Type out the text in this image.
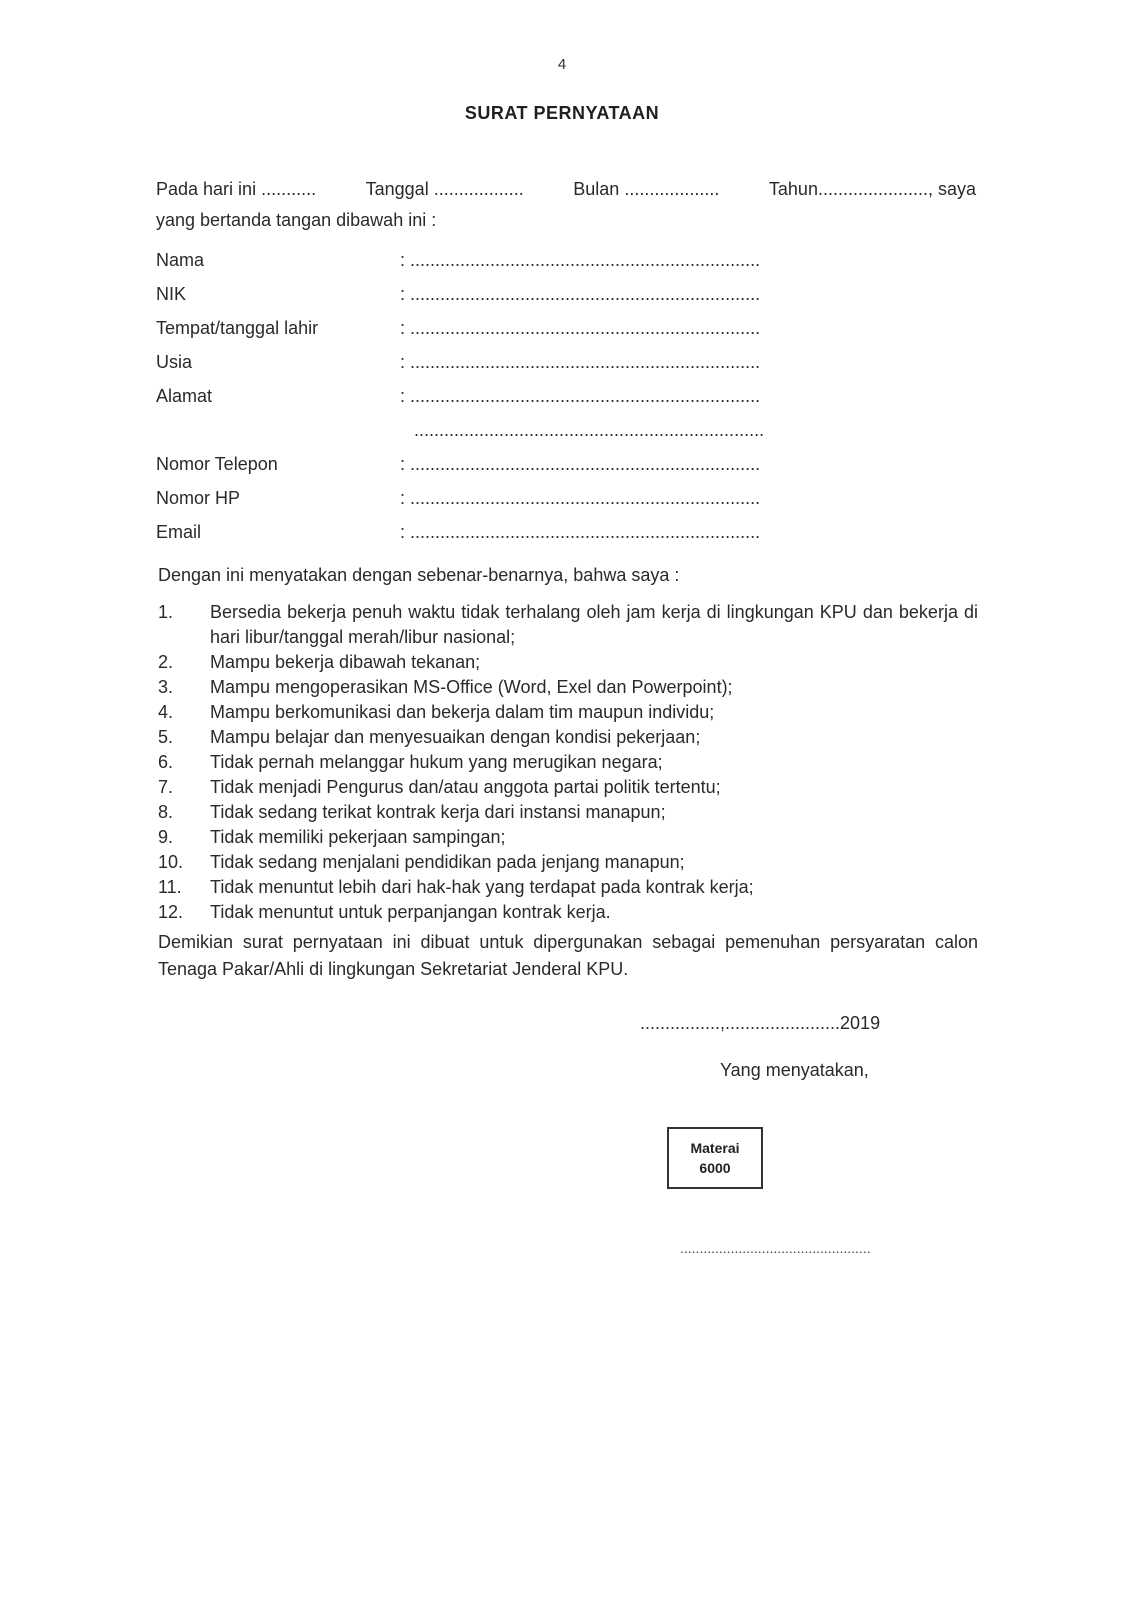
4
SURAT PERNYATAAN
Pada hari ini ...........	Tanggal ..................	Bulan ...................	Tahun......................, saya
yang bertanda tangan dibawah ini :
Nama	: ......................................................................
NIK	: ......................................................................
Tempat/tanggal lahir	: ......................................................................
Usia	: ......................................................................
Alamat	: ......................................................................
......................................................................
Nomor Telepon	: ......................................................................
Nomor HP	: ......................................................................
Email	: ......................................................................
Dengan ini menyatakan dengan sebenar-benarnya, bahwa saya :
1.	Bersedia bekerja penuh waktu tidak terhalang oleh jam kerja di lingkungan KPU dan bekerja di hari libur/tanggal merah/libur nasional;
2.	Mampu bekerja dibawah tekanan;
3.	Mampu mengoperasikan MS-Office (Word, Exel dan Powerpoint);
4.	Mampu berkomunikasi dan bekerja dalam tim maupun individu;
5.	Mampu belajar dan menyesuaikan dengan kondisi pekerjaan;
6.	Tidak pernah melanggar hukum yang merugikan negara;
7.	Tidak menjadi Pengurus dan/atau anggota partai politik tertentu;
8.	Tidak sedang terikat kontrak kerja dari instansi manapun;
9.	Tidak memiliki pekerjaan sampingan;
10.	Tidak sedang menjalani pendidikan pada jenjang manapun;
11.	Tidak menuntut lebih dari hak-hak yang terdapat pada kontrak kerja;
12.	Tidak menuntut untuk perpanjangan kontrak kerja.
Demikian surat pernyataan ini dibuat untuk dipergunakan sebagai pemenuhan persyaratan calon Tenaga Pakar/Ahli di lingkungan Sekretariat Jenderal KPU.
................,.......................2019
Yang menyatakan,
Materai
6000
.................................................
